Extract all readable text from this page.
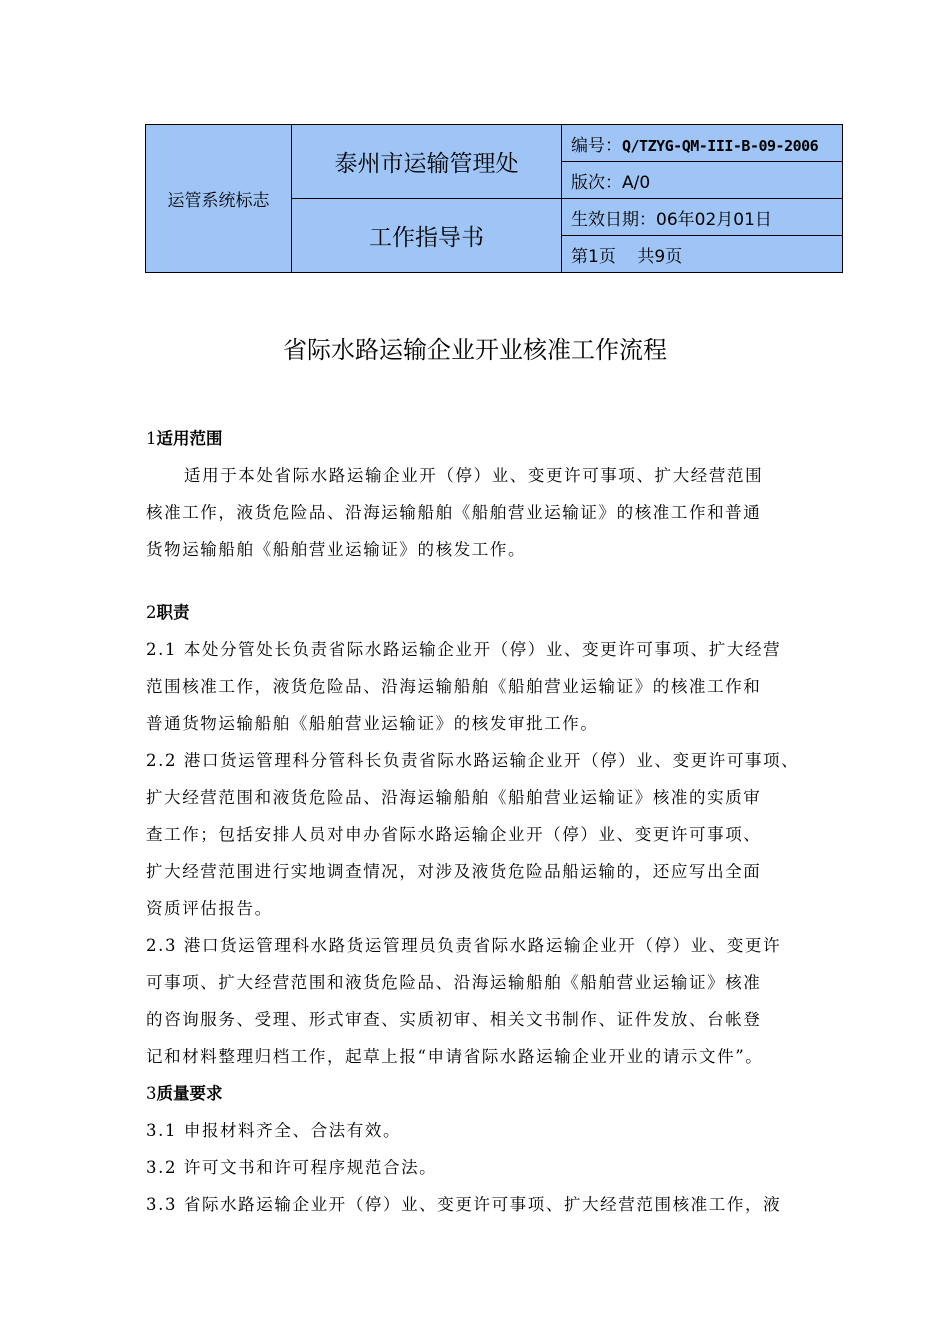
运管系统标志	泰州市运输管理处	编号：Q/TZYG-QM-III-B-09-2006
		版次：A/0
	工作指导书	生效日期：06年02月01日
		第1页    共9页
省际水路运输企业开业核准工作流程

1适用范围

适用于本处省际水路运输企业开（停）业、变更许可事项、扩大经营范围

核准工作，液货危险品、沿海运输船舶《船舶营业运输证》的核准工作和普通

货物运输船舶《船舶营业运输证》的核发工作。

2职责

2.1 本处分管处长负责省际水路运输企业开（停）业、变更许可事项、扩大经营

范围核准工作，液货危险品、沿海运输船舶《船舶营业运输证》的核准工作和

普通货物运输船舶《船舶营业运输证》的核发审批工作。

2.2 港口货运管理科分管科长负责省际水路运输企业开（停）业、变更许可事项、

扩大经营范围和液货危险品、沿海运输船舶《船舶营业运输证》核准的实质审

查工作；包括安排人员对申办省际水路运输企业开（停）业、变更许可事项、

扩大经营范围进行实地调查情况，对涉及液货危险品船运输的，还应写出全面

资质评估报告。

2.3 港口货运管理科水路货运管理员负责省际水路运输企业开（停）业、变更许

可事项、扩大经营范围和液货危险品、沿海运输船舶《船舶营业运输证》核准

的咨询服务、受理、形式审查、实质初审、相关文书制作、证件发放、台帐登

记和材料整理归档工作，起草上报“申请省际水路运输企业开业的请示文件”。

3质量要求

3.1 申报材料齐全、合法有效。

3.2 许可文书和许可程序规范合法。

3.3 省际水路运输企业开（停）业、变更许可事项、扩大经营范围核准工作，液
